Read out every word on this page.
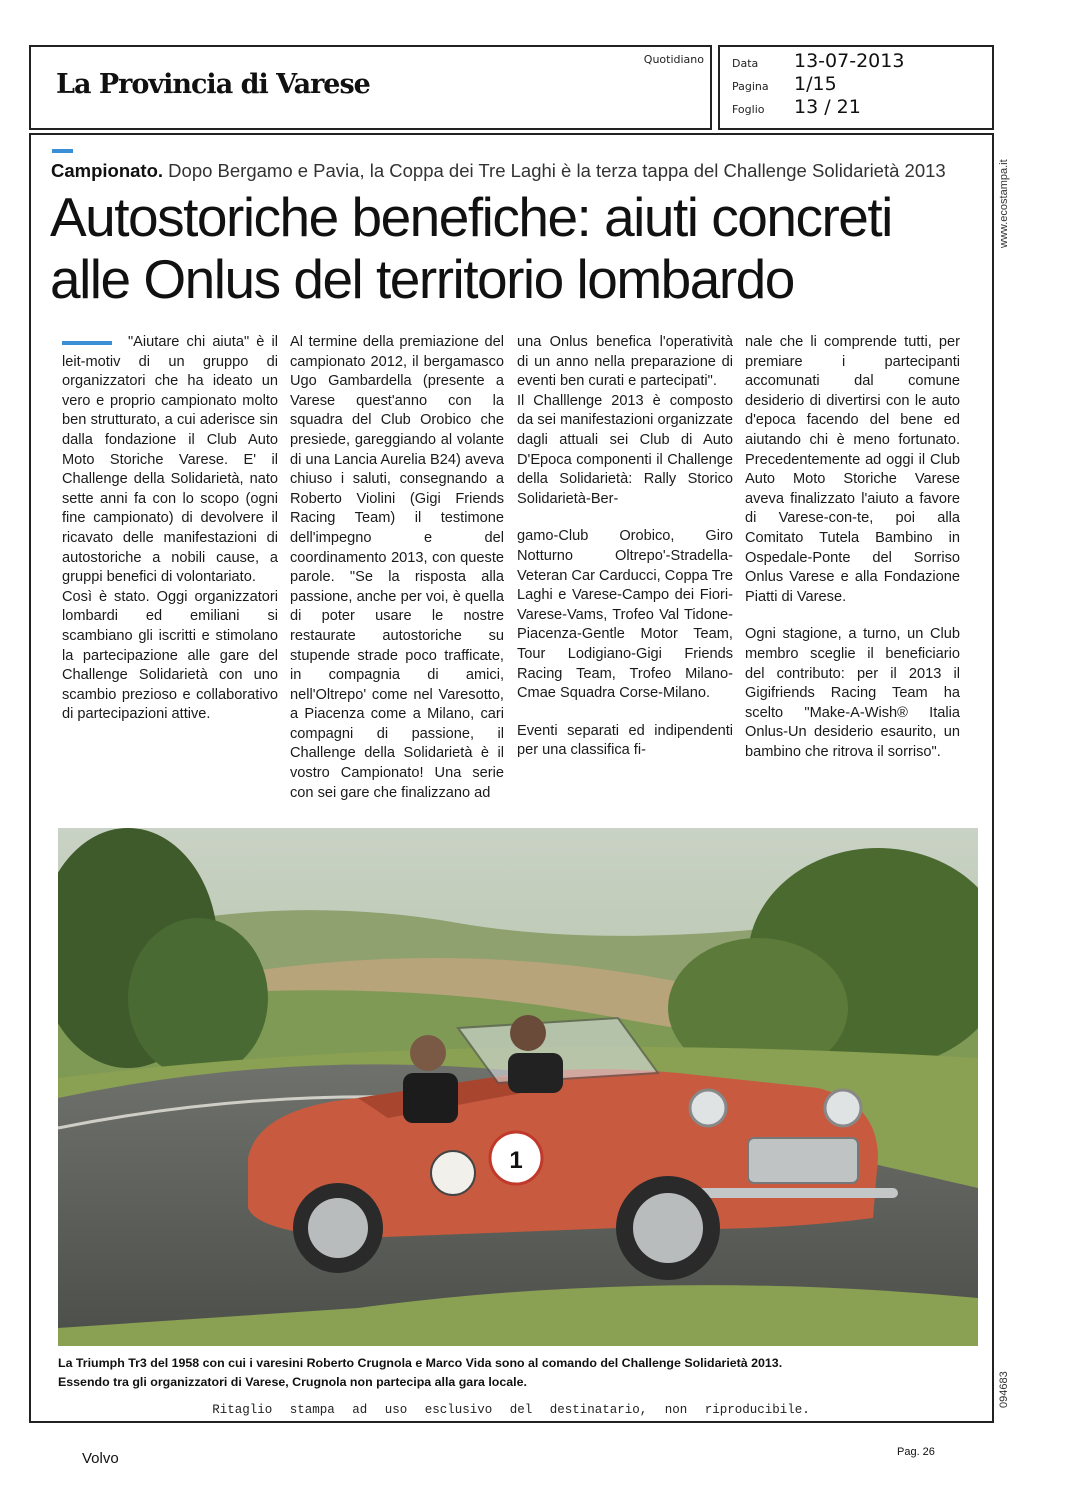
La Provincia di Varese
Quotidiano	Data 13-07-2013
Pagina 1/15
Foglio 13 / 21
www.ecostampa.it
094683
Campionato. Dopo Bergamo e Pavia, la Coppa dei Tre Laghi è la terza tappa del Challenge Solidarietà 2013
Autostoriche benefiche: aiuti concreti
alle Onlus del territorio lombardo

"Aiutare chi aiuta" è il leit-motiv di un gruppo di organizzatori che ha ideato un vero e proprio campionato molto ben strutturato, a cui aderisce sin dalla fondazione il Club Auto Moto Storiche Varese. E' il Challenge della Solidarietà, nato sette anni fa con lo scopo (ogni fine campionato) di devolvere il ricavato delle manifestazioni di autostoriche a nobili cause, a gruppi benefici di volontariato.

Così è stato. Oggi organizzatori lombardi ed emiliani si scambiano gli iscritti e stimolano la partecipazione alle gare del Challenge Solidarietà con uno scambio prezioso e collaborativo di partecipazioni attive.

Al termine della premiazione del campionato 2012, il bergamasco Ugo Gambardella (presente a Varese quest'anno con la squadra del Club Orobico che presiede, gareggiando al volante di una Lancia Aurelia B24) aveva chiuso i saluti, consegnando a Roberto Violini (Gigi Friends Racing Team) il testimone dell'impegno e del coordinamento 2013, con queste parole. "Se la risposta alla passione, anche per voi, è quella di poter usare le nostre restaurate autostoriche su stupende strade poco trafficate, in compagnia di amici, nell'Oltrepo' come nel Varesotto, a Piacenza come a Milano, cari compagni di passione, il Challenge della Solidarietà è il vostro Campionato! Una serie con sei gare che finalizzano ad

una Onlus benefica l'operatività di un anno nella preparazione di eventi ben curati e partecipati".

Il Challlenge 2013 è composto da sei manifestazioni organizzate dagli attuali sei Club di Auto D'Epoca componenti il Challenge della Solidarietà: Rally Storico Solidarietà-Ber-

gamo-Club Orobico, Giro Notturno Oltrepo'-Stradella-Veteran Car Carducci, Coppa Tre Laghi e Varese-Campo dei Fiori-Varese-Vams, Trofeo Val Tidone-Piacenza-Gentle Motor Team, Tour Lodigiano-Gigi Friends Racing Team, Trofeo Milano-Cmae Squadra Corse-Milano.

Eventi separati ed indipendenti per una classifica fi-

nale che li comprende tutti, per premiare i partecipanti accomunati dal comune desiderio di divertirsi con le auto d'epoca facendo del bene ed aiutando chi è meno fortunato. Precedentemente ad oggi il Club Auto Moto Storiche Varese aveva finalizzato l'aiuto a favore di Varese-con-te, poi alla Comitato Tutela Bambino in Ospedale-Ponte del Sorriso Onlus Varese e alla Fondazione Piatti di Varese.

Ogni stagione, a turno, un Club membro sceglie il beneficiario del contributo: per il 2013 il Gigifriends Racing Team ha scelto "Make-A-Wish® Italia Onlus-Un desiderio esaurito, un bambino che ritrova il sorriso".

1
La Triumph Tr3 del 1958 con cui i varesini Roberto Crugnola e Marco Vida sono al comando del Challenge Solidarietà 2013.
Essendo tra gli organizzatori di Varese, Crugnola non partecipa alla gara locale.
Ritaglio stampa ad uso esclusivo del destinatario, non riproducibile.
Volvo	Pag. 26
